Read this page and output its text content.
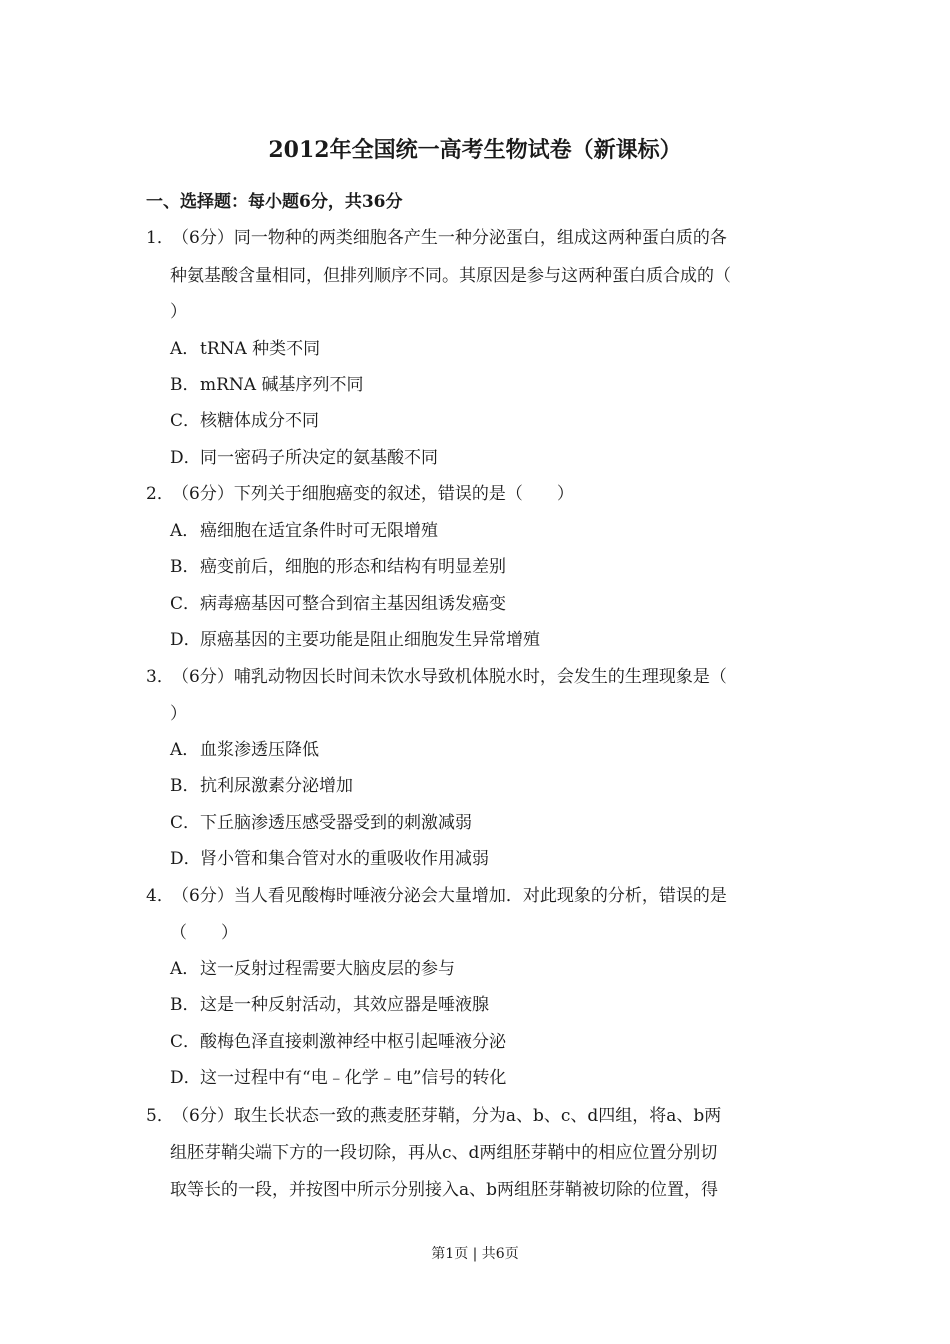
2012年全国统一高考生物试卷（新课标）
一、选择题：每小题6分，共36分
1．（6分）同一物种的两类细胞各产生一种分泌蛋白，组成这两种蛋白质的各
种氨基酸含量相同，但排列顺序不同。其原因是参与这两种蛋白质合成的（
）
A．tRNA 种类不同
B．mRNA 碱基序列不同
C．核糖体成分不同
D．同一密码子所决定的氨基酸不同
2．（6分）下列关于细胞癌变的叙述，错误的是（　　）
A．癌细胞在适宜条件时可无限增殖
B．癌变前后，细胞的形态和结构有明显差别
C．病毒癌基因可整合到宿主基因组诱发癌变
D．原癌基因的主要功能是阻止细胞发生异常增殖
3．（6分）哺乳动物因长时间未饮水导致机体脱水时，会发生的生理现象是（
）
A．血浆渗透压降低
B．抗利尿激素分泌增加
C．下丘脑渗透压感受器受到的刺激减弱
D．肾小管和集合管对水的重吸收作用减弱
4．（6分）当人看见酸梅时唾液分泌会大量增加．对此现象的分析，错误的是
（　　）
A．这一反射过程需要大脑皮层的参与
B．这是一种反射活动，其效应器是唾液腺
C．酸梅色泽直接刺激神经中枢引起唾液分泌
D．这一过程中有“电﹣化学﹣电”信号的转化
5．（6分）取生长状态一致的燕麦胚芽鞘，分为a、b、c、d四组，将a、b两
组胚芽鞘尖端下方的一段切除，再从c、d两组胚芽鞘中的相应位置分别切
取等长的一段，并按图中所示分别接入a、b两组胚芽鞘被切除的位置，得
第1页 | 共6页
